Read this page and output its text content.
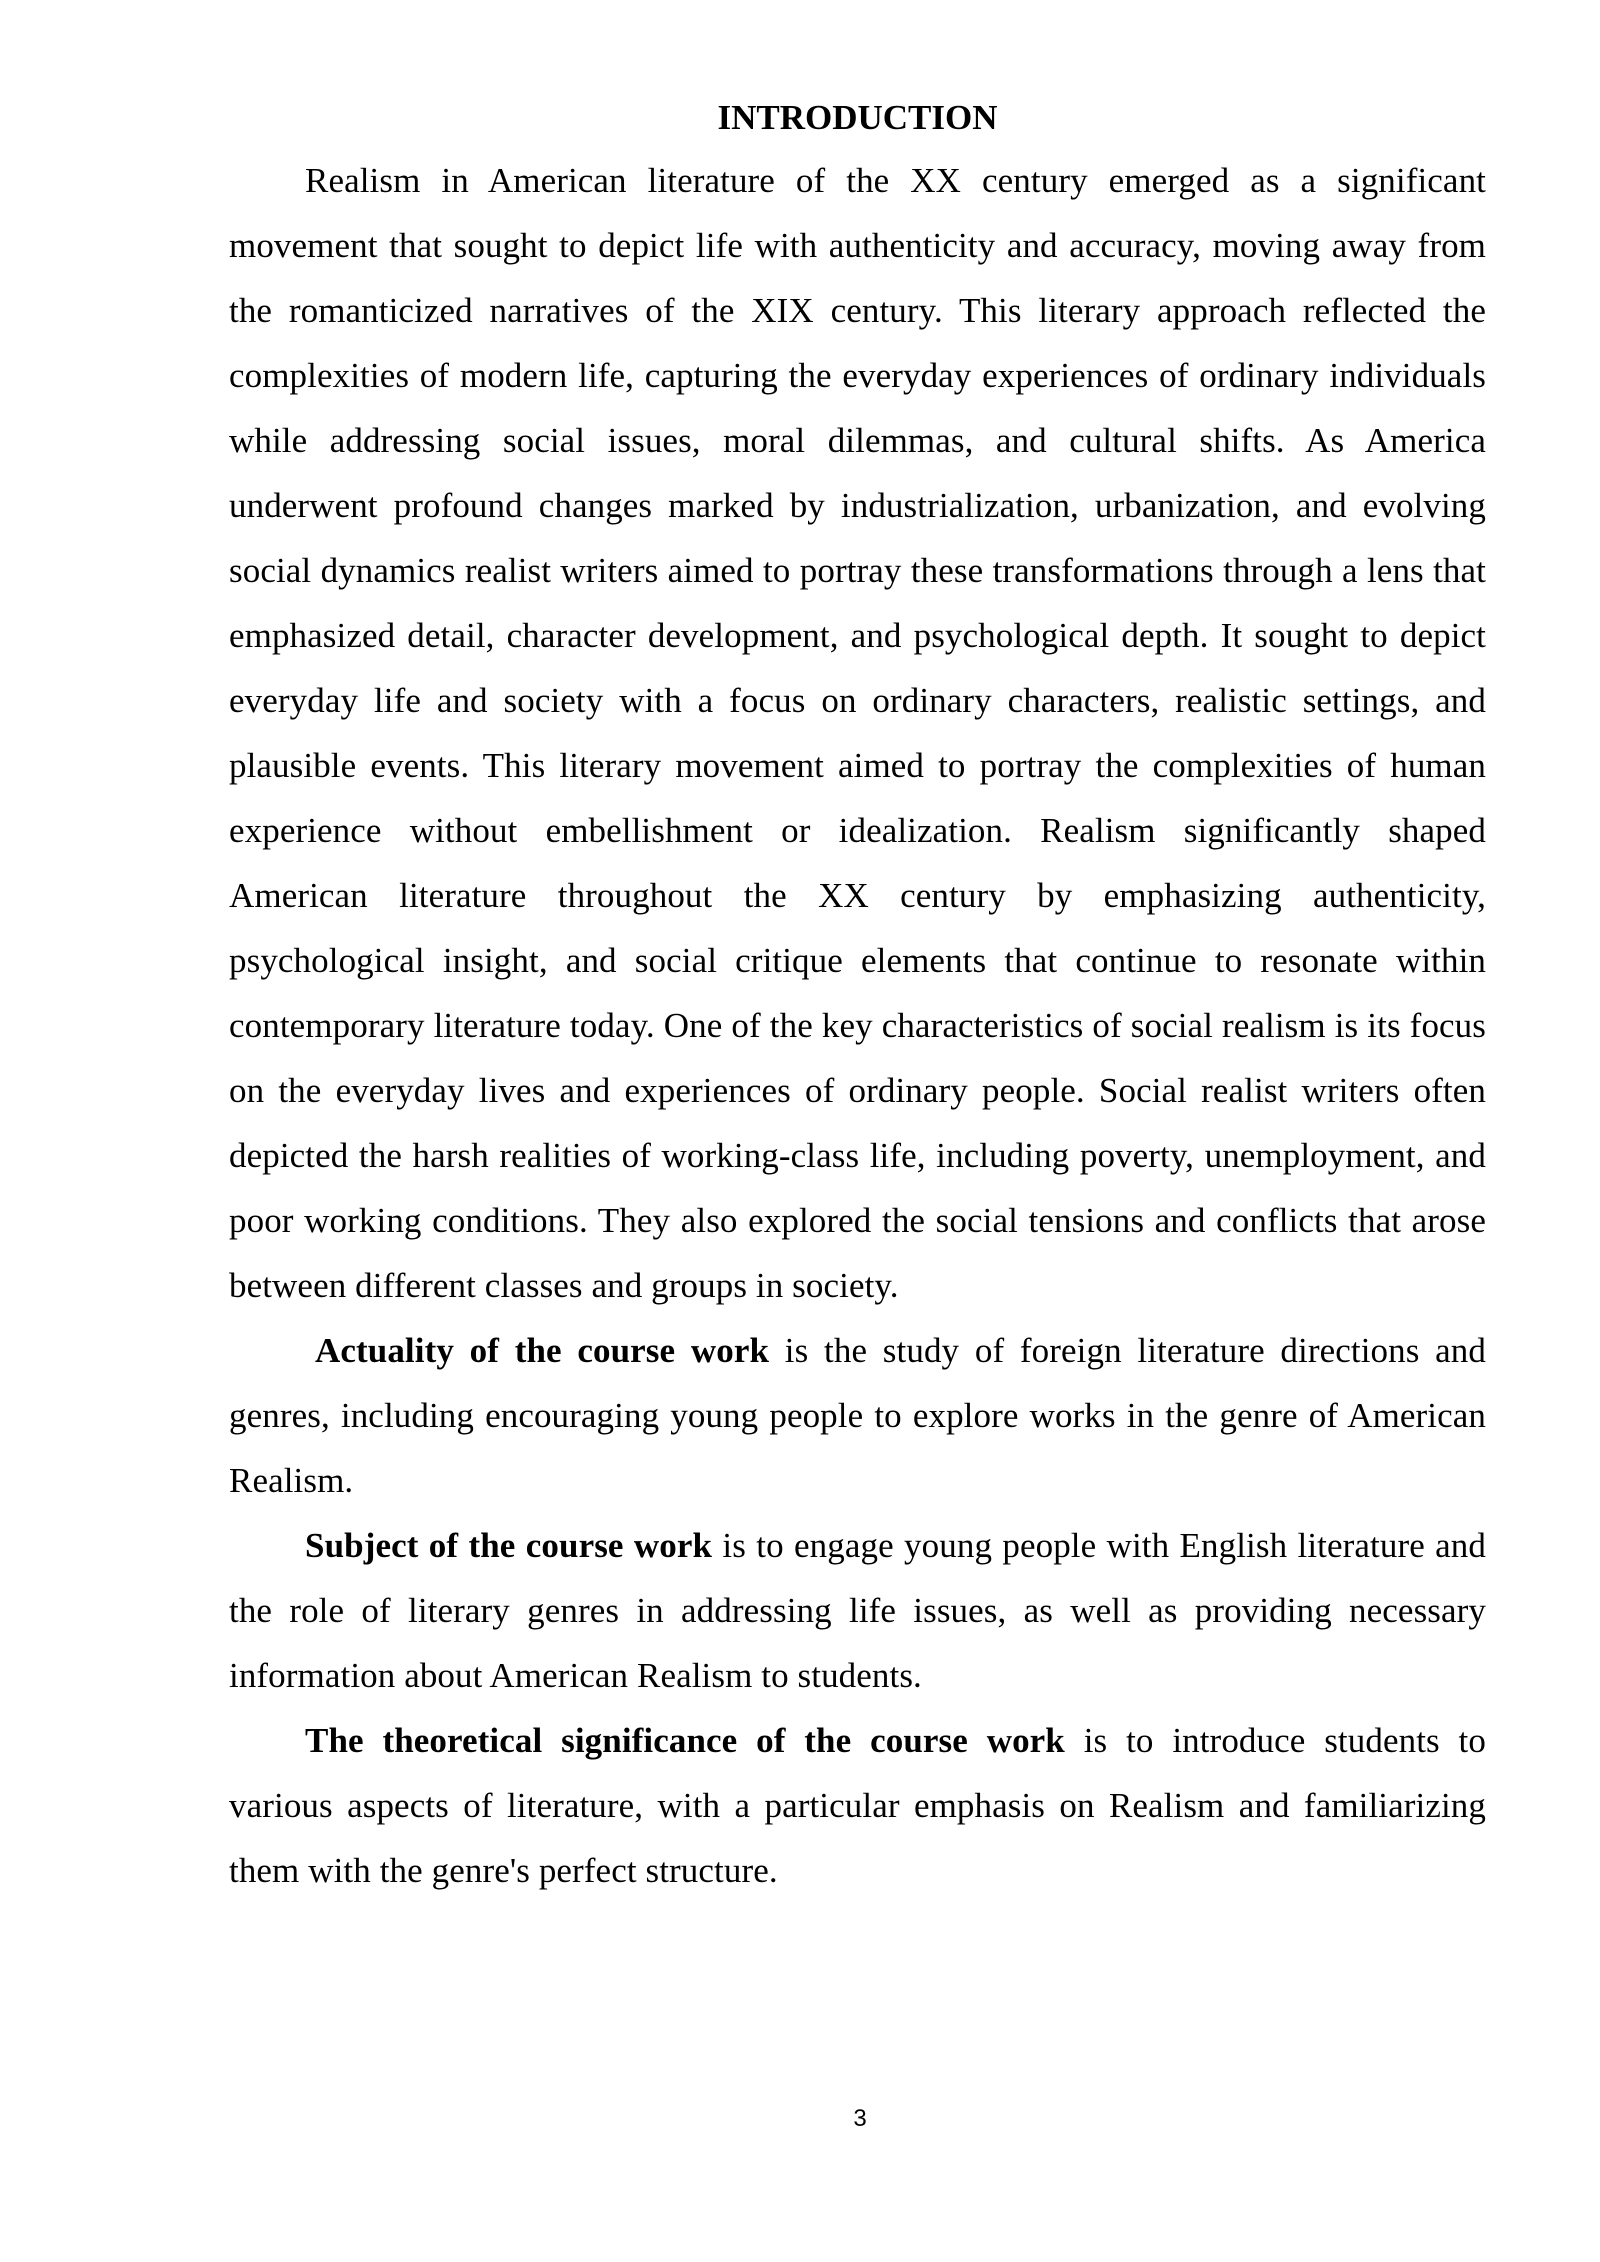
INTRODUCTION

Realism in American literature of the XX century emerged as a significant movement that sought to depict life with authenticity and accuracy, moving away from the romanticized narratives of the XIX century. This literary approach reflected the complexities of modern life, capturing the everyday experiences of ordinary individuals while addressing social issues, moral dilemmas, and cultural shifts. As America underwent profound changes marked by industrialization, urbanization, and evolving social dynamics realist writers aimed to portray these transformations through a lens that emphasized detail, character development, and psychological depth. It sought to depict everyday life and society with a focus on ordinary characters, realistic settings, and plausible events. This literary movement aimed to portray the complexities of human experience without embellishment or idealization. Realism significantly shaped American literature throughout the XX century by emphasizing authenticity, psychological insight, and social critique elements that continue to resonate within contemporary literature today. One of the key characteristics of social realism is its focus on the everyday lives and experiences of ordinary people. Social realist writers often depicted the harsh realities of working-class life, including poverty, unemployment, and poor working conditions. They also explored the social tensions and conflicts that arose between different classes and groups in society.

Actuality of the course work is the study of foreign literature directions and genres, including encouraging young people to explore works in the genre of American Realism.

Subject of the course work is to engage young people with English literature and the role of literary genres in addressing life issues, as well as providing necessary information about American Realism to students.

The theoretical significance of the course work is to introduce students to various aspects of literature, with a particular emphasis on Realism and familiarizing them with the genre's perfect structure.

3
